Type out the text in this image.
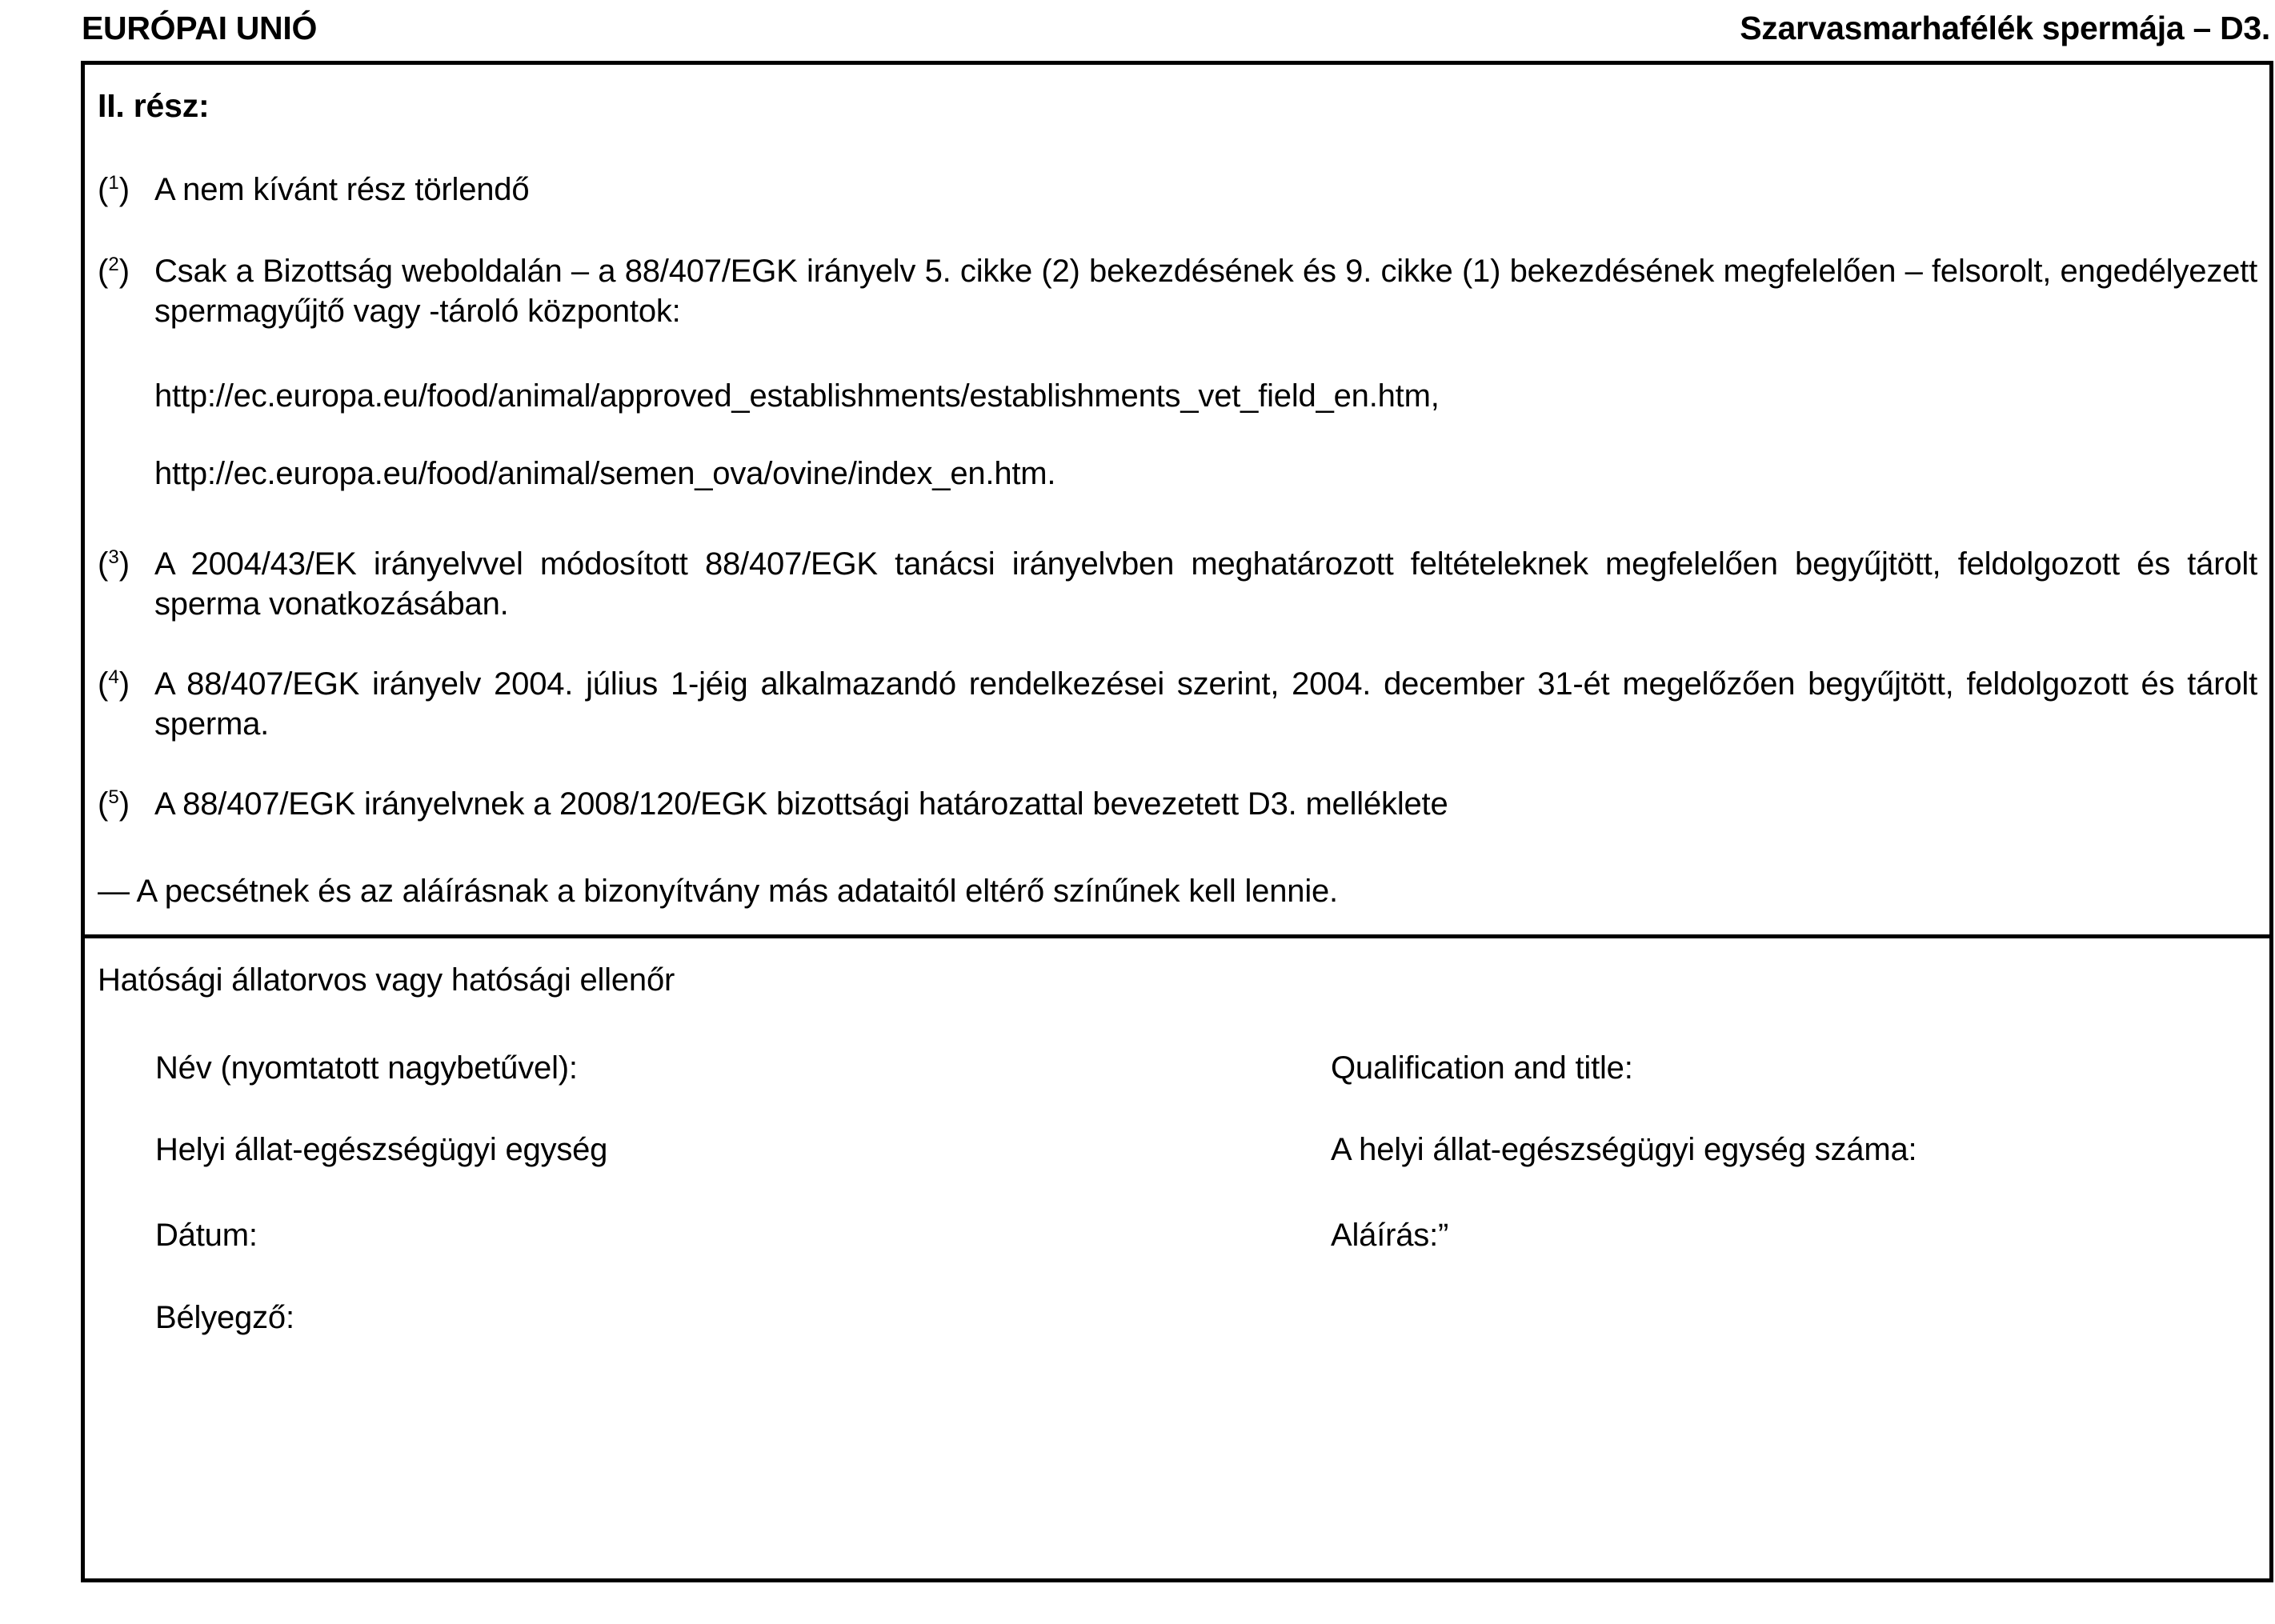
EURÓPAI UNIÓ	Szarvasmarhafélék spermája – D3.
II. rész:
($^1$) A nem kívánt rész törlendő
($^2$) Csak a Bizottság weboldalán – a 88/407/EGK irányelv 5. cikke (2) bekezdésének és 9. cikke (1) bekezdésének megfelelően – felsorolt, engedélyezett spermagyűjtő vagy -tároló központok:
http://ec.europa.eu/food/animal/approved_establishments/establishments_vet_field_en.htm,
http://ec.europa.eu/food/animal/semen_ova/ovine/index_en.htm.
($^3$) A 2004/43/EK irányelvvel módosított 88/407/EGK tanácsi irányelvben meghatározott feltételeknek megfelelően begyűjtött, feldolgozott és tárolt sperma vonatkozásában.
($^4$) A 88/407/EGK irányelv 2004. július 1-jéig alkalmazandó rendelkezései szerint, 2004. december 31-ét megelőzően begyűjtött, feldolgozott és tárolt sperma.
($^5$) A 88/407/EGK irányelvnek a 2008/120/EGK bizottsági határozattal bevezetett D3. melléklete
— A pecsétnek és az aláírásnak a bizonyítvány más adataitól eltérő színűnek kell lennie.
Hatósági állatorvos vagy hatósági ellenőr
Név (nyomtatott nagybetűvel):	Qualification and title:
Helyi állat-egészségügyi egység	A helyi állat-egészségügyi egység száma:
Dátum:	Aláírás:”
Bélyegző:
